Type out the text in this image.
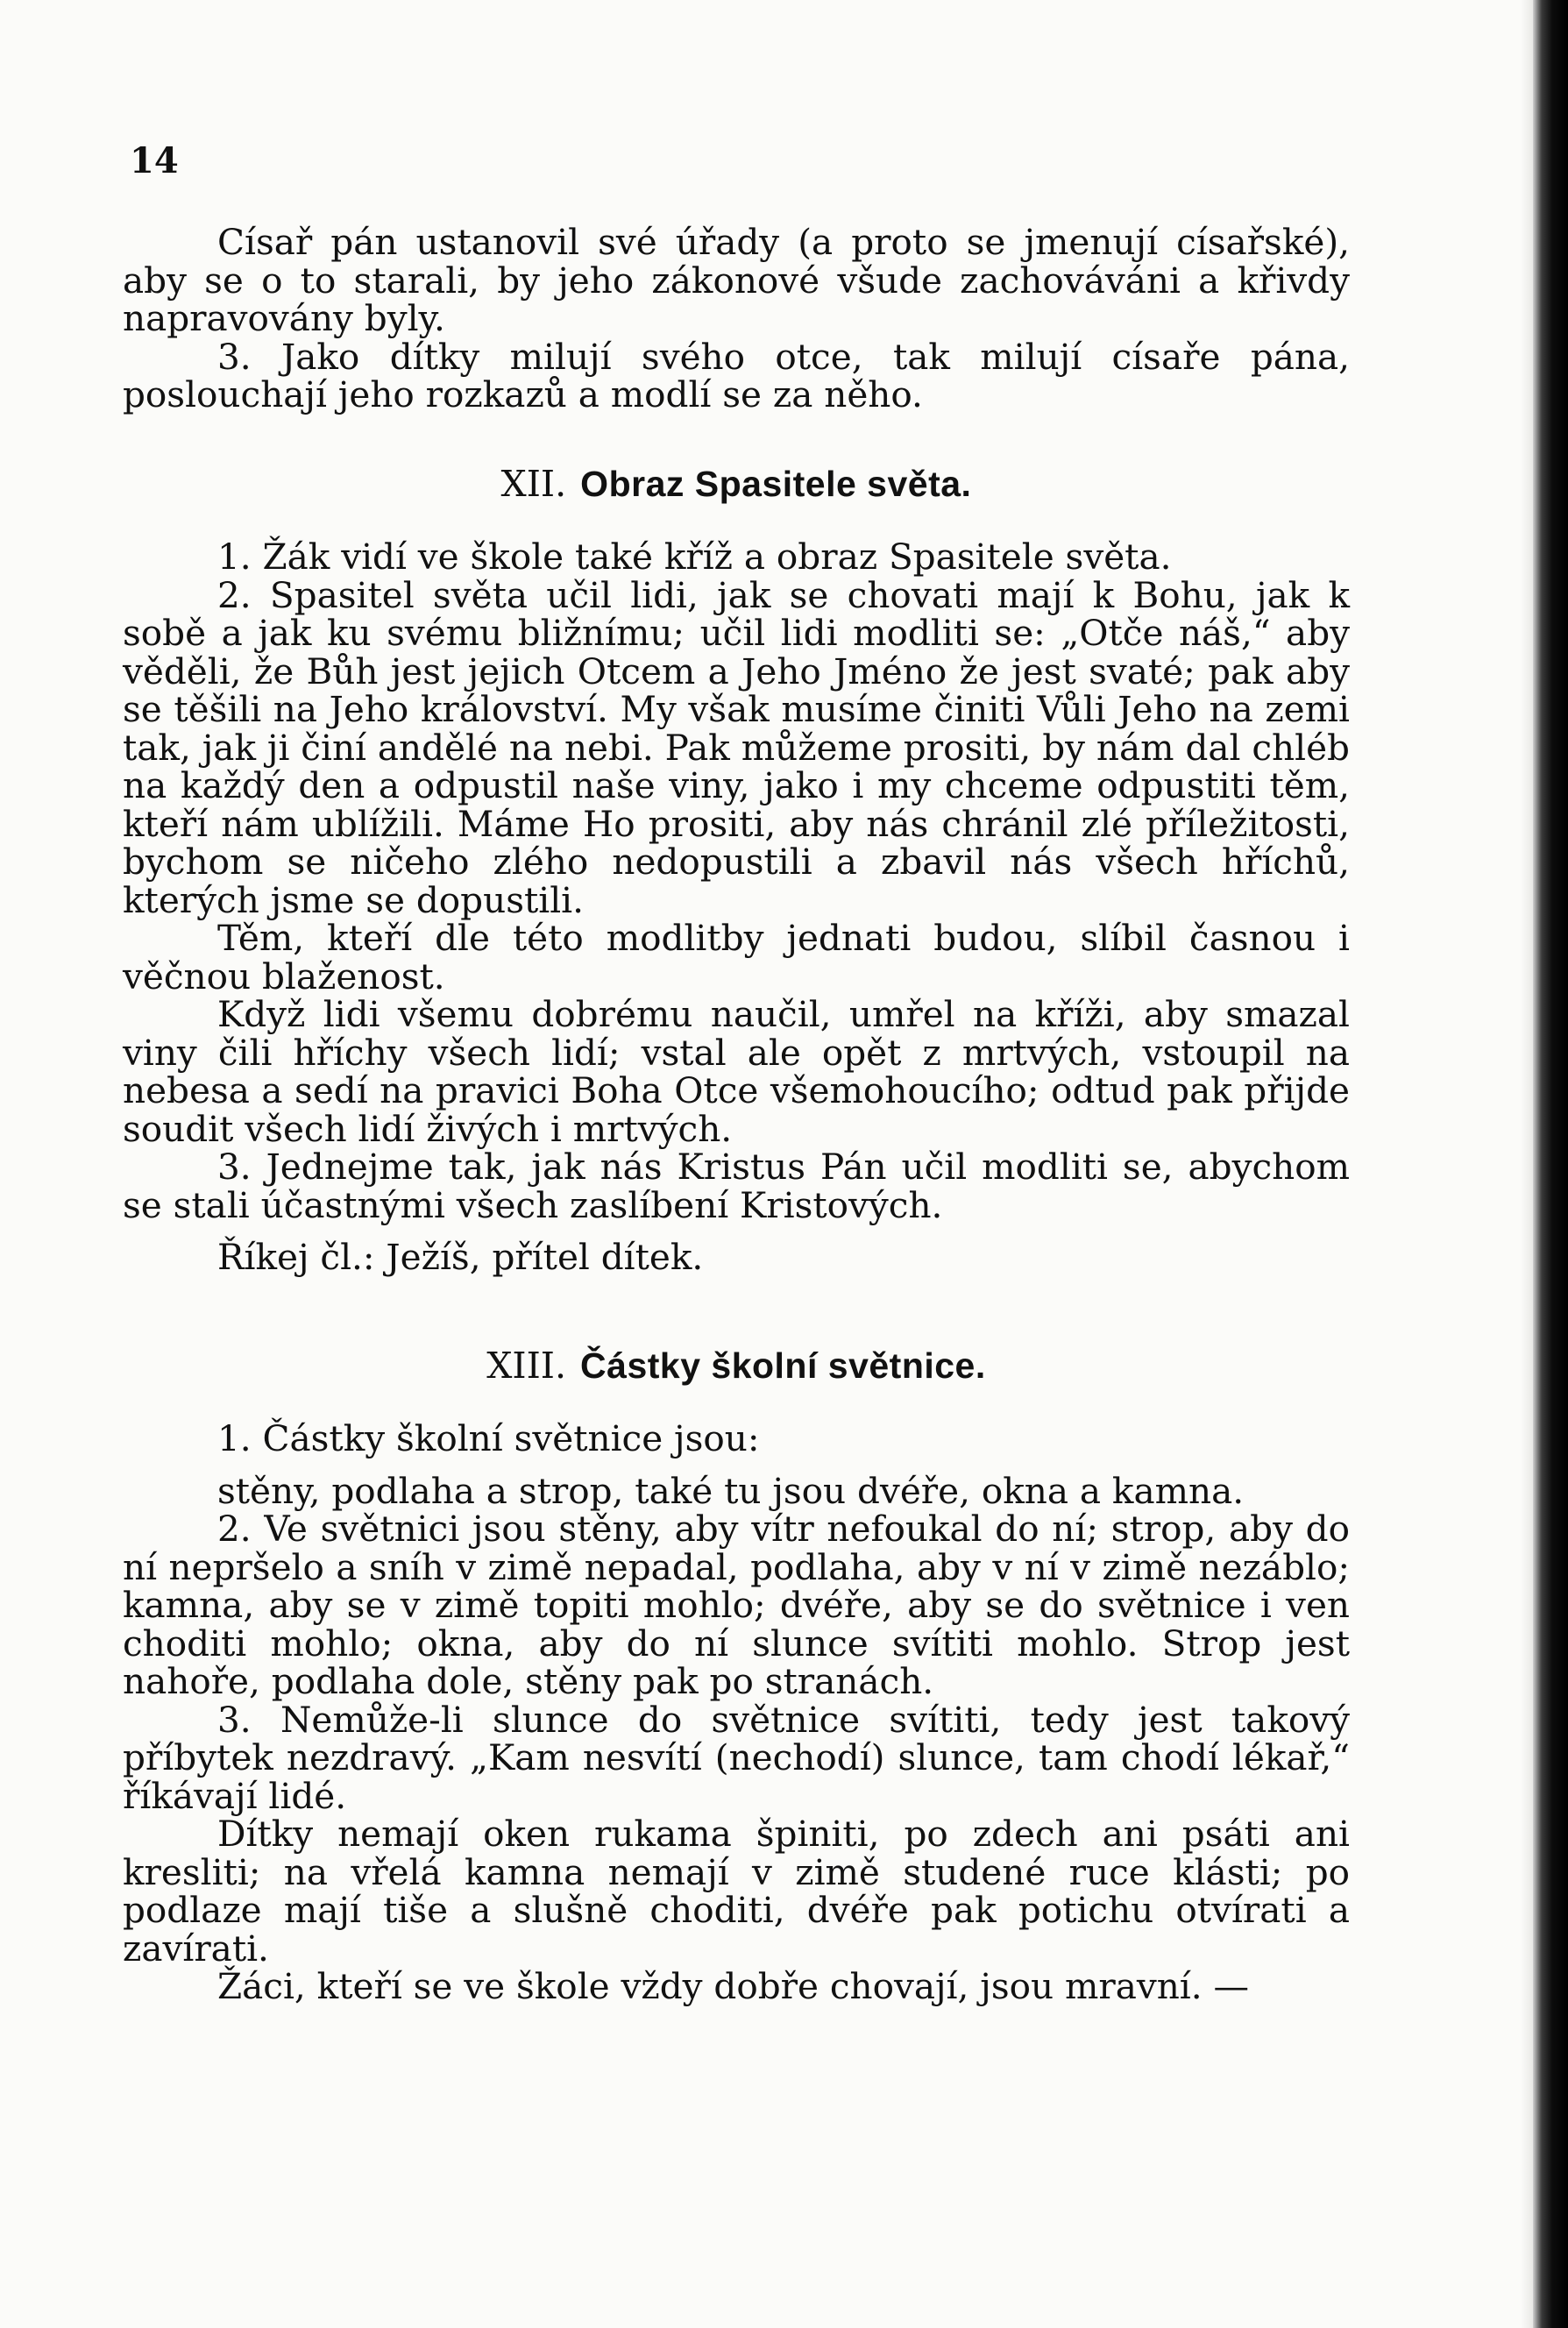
14

Císař pán ustanovil své úřady (a proto se jmenují císařské), aby se o to starali, by jeho zákonové všude zachováváni a křivdy napravovány byly.

3. Jako dítky milují svého otce, tak milují císaře pána, poslouchají jeho rozkazů a modlí se za něho.

XII. Obraz Spasitele světa.

1. Žák vidí ve škole také kříž a obraz Spasitele světa.

2. Spasitel světa učil lidi, jak se chovati mají k Bohu, jak k sobě a jak ku svému bližnímu; učil lidi modliti se: „Otče náš,“ aby věděli, že Bůh jest jejich Otcem a Jeho Jméno že jest svaté; pak aby se těšili na Jeho království. My však musíme činiti Vůli Jeho na zemi tak, jak ji činí andělé na nebi. Pak můžeme prositi, by nám dal chléb na každý den a odpustil naše viny, jako i my chceme odpustiti těm, kteří nám ublížili. Máme Ho prositi, aby nás chránil zlé příležitosti, bychom se ničeho zlého nedopustili a zbavil nás všech hříchů, kterých jsme se dopustili.

Těm, kteří dle této modlitby jednati budou, slíbil časnou i věčnou blaženost.

Když lidi všemu dobrému naučil, umřel na kříži, aby smazal viny čili hříchy všech lidí; vstal ale opět z mrtvých, vstoupil na nebesa a sedí na pravici Boha Otce všemohoucího; odtud pak přijde soudit všech lidí živých i mrtvých.

3. Jednejme tak, jak nás Kristus Pán učil modliti se, abychom se stali účastnými všech zaslíbení Kristových.

Říkej čl.: Ježíš, přítel dítek.

XIII. Částky školní světnice.

1. Částky školní světnice jsou:

stěny, podlaha a strop, také tu jsou dvéře, okna a kamna.

2. Ve světnici jsou stěny, aby vítr nefoukal do ní; strop, aby do ní nepršelo a sníh v zimě nepadal, podlaha, aby v ní v zimě nezáblo; kamna, aby se v zimě topiti mohlo; dvéře, aby se do světnice i ven choditi mohlo; okna, aby do ní slunce svítiti mohlo. Strop jest nahoře, podlaha dole, stěny pak po stranách.

3. Nemůže-li slunce do světnice svítiti, tedy jest takový příbytek nezdravý. „Kam nesvítí (nechodí) slunce, tam chodí lékař,“ říkávají lidé.

Dítky nemají oken rukama špiniti, po zdech ani psáti ani kresliti; na vřelá kamna nemají v zimě studené ruce klásti; po podlaze mají tiše a slušně choditi, dvéře pak potichu otvírati a zavírati.

Žáci, kteří se ve škole vždy dobře chovají, jsou mravní. —
